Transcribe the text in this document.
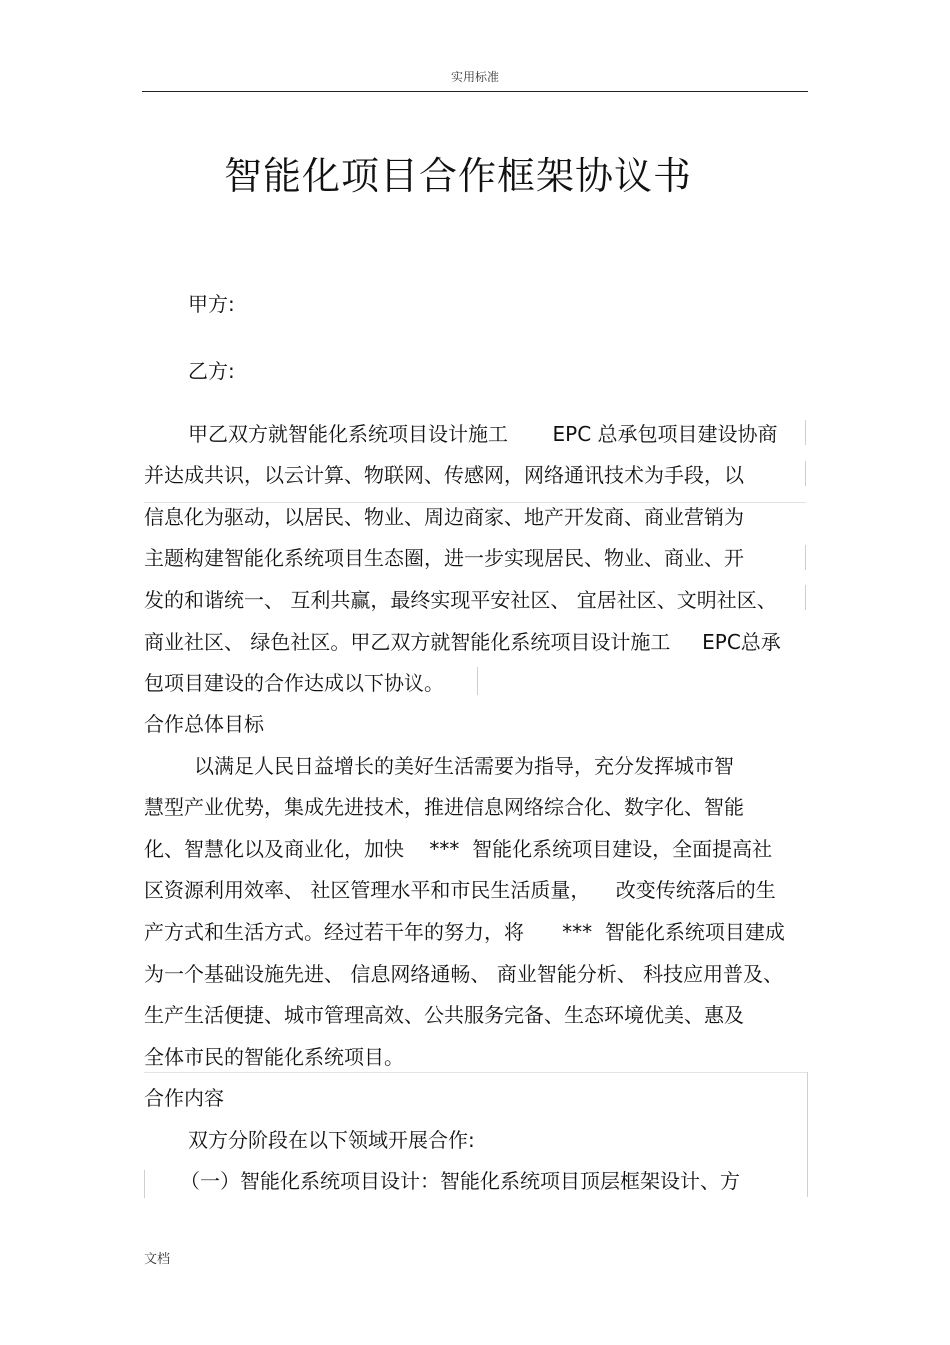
实用标准
智能化项目合作框架协议书
甲方:
乙方:
甲乙双方就智能化系统项目设计施工       EPC 总承包项目建设协商
并达成共识，以云计算、物联网、传感网，网络通讯技术为手段，以
信息化为驱动，以居民、物业、周边商家、地产开发商、商业营销为
主题构建智能化系统项目生态圈，进一步实现居民、物业、商业、开
发的和谐统一、 互利共赢，最终实现平安社区、 宜居社区、文明社区、
商业社区、 绿色社区。甲乙双方就智能化系统项目设计施工     EPC总承
包项目建设的合作达成以下协议。
合作总体目标
以满足人民日益增长的美好生活需要为指导，充分发挥城市智
慧型产业优势，集成先进技术，推进信息网络综合化、数字化、智能
化、智慧化以及商业化，加快    ***  智能化系统项目建设，全面提高社
区资源利用效率、 社区管理水平和市民生活质量，    改变传统落后的生
产方式和生活方式。经过若干年的努力，将      ***  智能化系统项目建成
为一个基础设施先进、 信息网络通畅、 商业智能分析、 科技应用普及、
生产生活便捷、城市管理高效、公共服务完备、生态环境优美、惠及
全体市民的智能化系统项目。
合作内容
双方分阶段在以下领域开展合作:
（一）智能化系统项目设计：智能化系统项目顶层框架设计、方
文档
